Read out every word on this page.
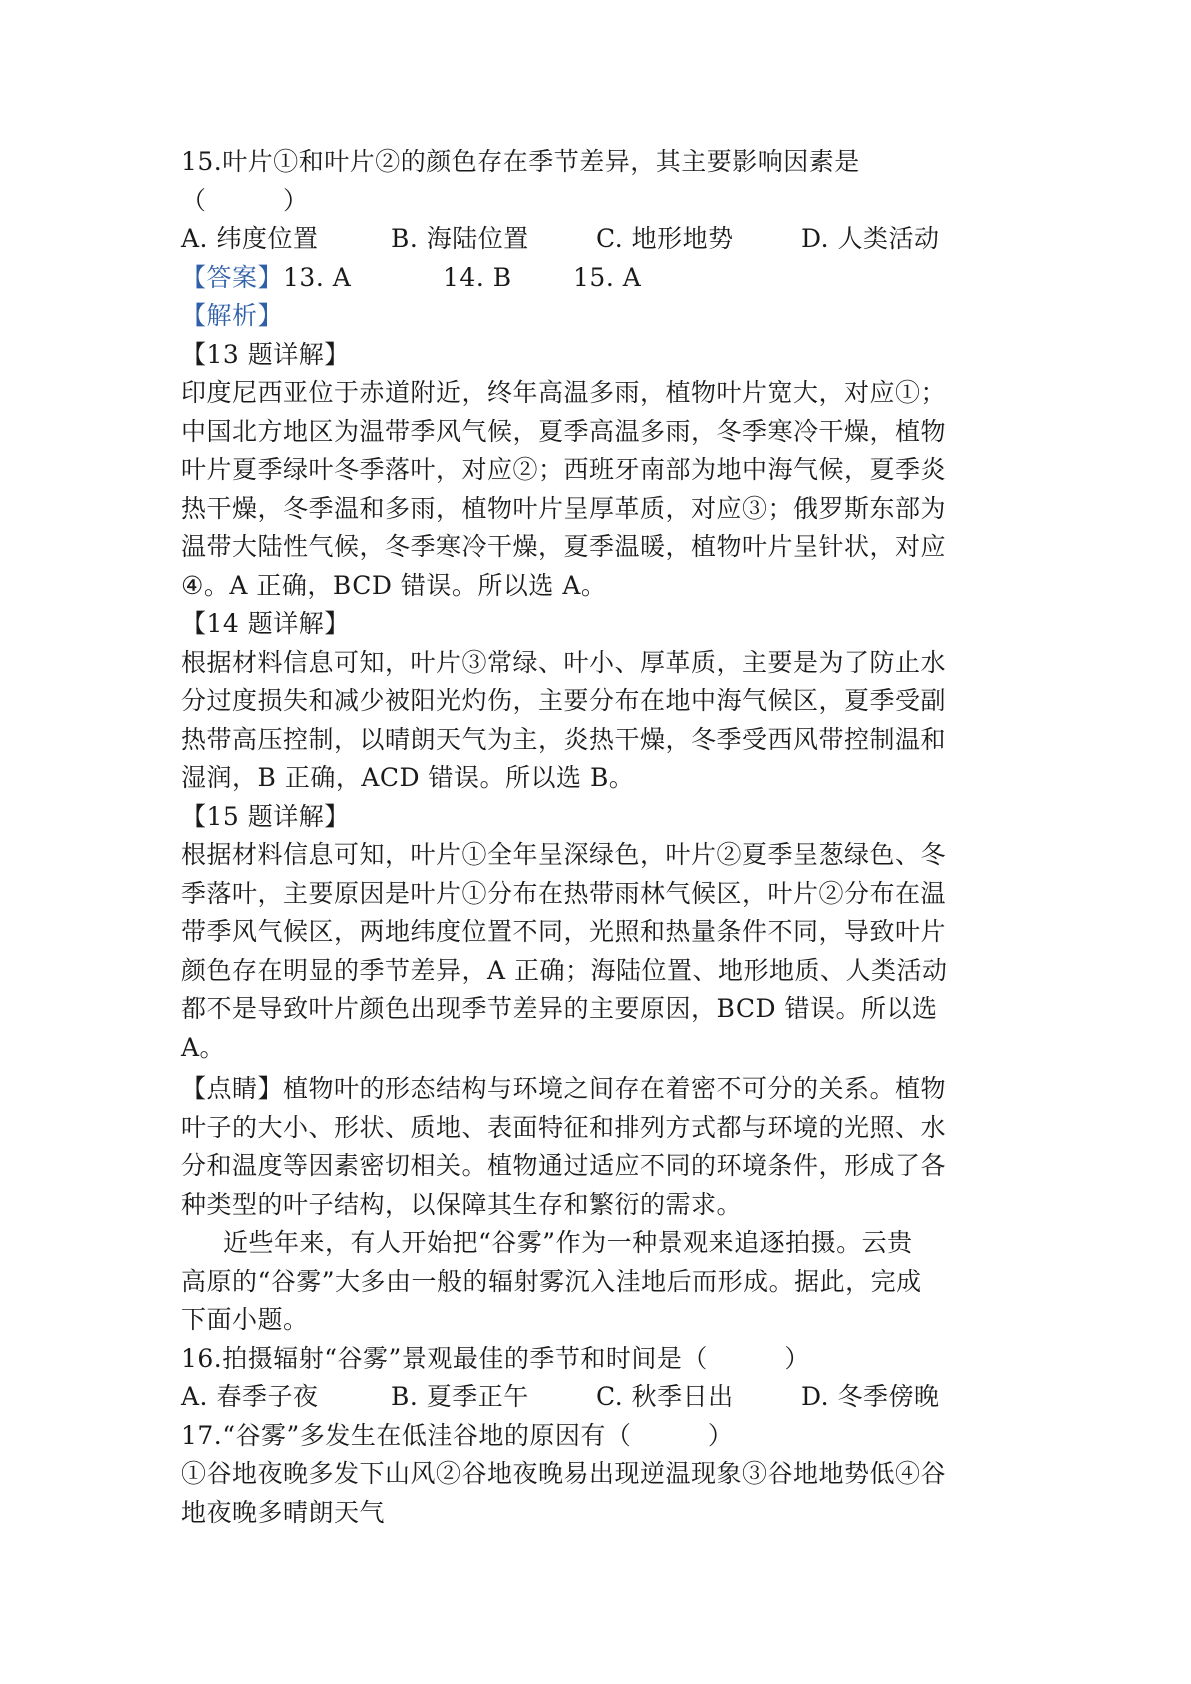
15.叶片①和叶片②的颜色存在季节差异，其主要影响因素是
（　　　）
A. 纬度位置	B. 海陆位置	C. 地形地势	D. 人类活动
【答案】13. A	14. B 15. A
【解析】
【13 题详解】
印度尼西亚位于赤道附近，终年高温多雨，植物叶片宽大，对应①；
中国北方地区为温带季风气候，夏季高温多雨，冬季寒冷干燥，植物
叶片夏季绿叶冬季落叶，对应②；西班牙南部为地中海气候，夏季炎
热干燥，冬季温和多雨，植物叶片呈厚革质，对应③；俄罗斯东部为
温带大陆性气候，冬季寒冷干燥，夏季温暖，植物叶片呈针状，对应
④。A 正确，BCD 错误。所以选 A。
【14 题详解】
根据材料信息可知，叶片③常绿、叶小、厚革质，主要是为了防止水
分过度损失和减少被阳光灼伤，主要分布在地中海气候区，夏季受副
热带高压控制，以晴朗天气为主，炎热干燥，冬季受西风带控制温和
湿润，B 正确，ACD 错误。所以选 B。
【15 题详解】
根据材料信息可知，叶片①全年呈深绿色，叶片②夏季呈葱绿色、冬
季落叶，主要原因是叶片①分布在热带雨林气候区，叶片②分布在温
带季风气候区，两地纬度位置不同，光照和热量条件不同，导致叶片
颜色存在明显的季节差异，A 正确；海陆位置、地形地质、人类活动
都不是导致叶片颜色出现季节差异的主要原因，BCD 错误。所以选
A。
【点睛】植物叶的形态结构与环境之间存在着密不可分的关系。植物
叶子的大小、形状、质地、表面特征和排列方式都与环境的光照、水
分和温度等因素密切相关。植物通过适应不同的环境条件，形成了各
种类型的叶子结构，以保障其生存和繁衍的需求。
近些年来，有人开始把“谷雾”作为一种景观来追逐拍摄。云贵
高原的“谷雾”大多由一般的辐射雾沉入洼地后而形成。据此，完成
下面小题。
16.拍摄辐射“谷雾”景观最佳的季节和时间是（　　　）
A. 春季子夜	B. 夏季正午	C. 秋季日出	D. 冬季傍晚
17.“谷雾”多发生在低洼谷地的原因有（　　　）
①谷地夜晚多发下山风②谷地夜晚易出现逆温现象③谷地地势低④谷
地夜晚多晴朗天气
